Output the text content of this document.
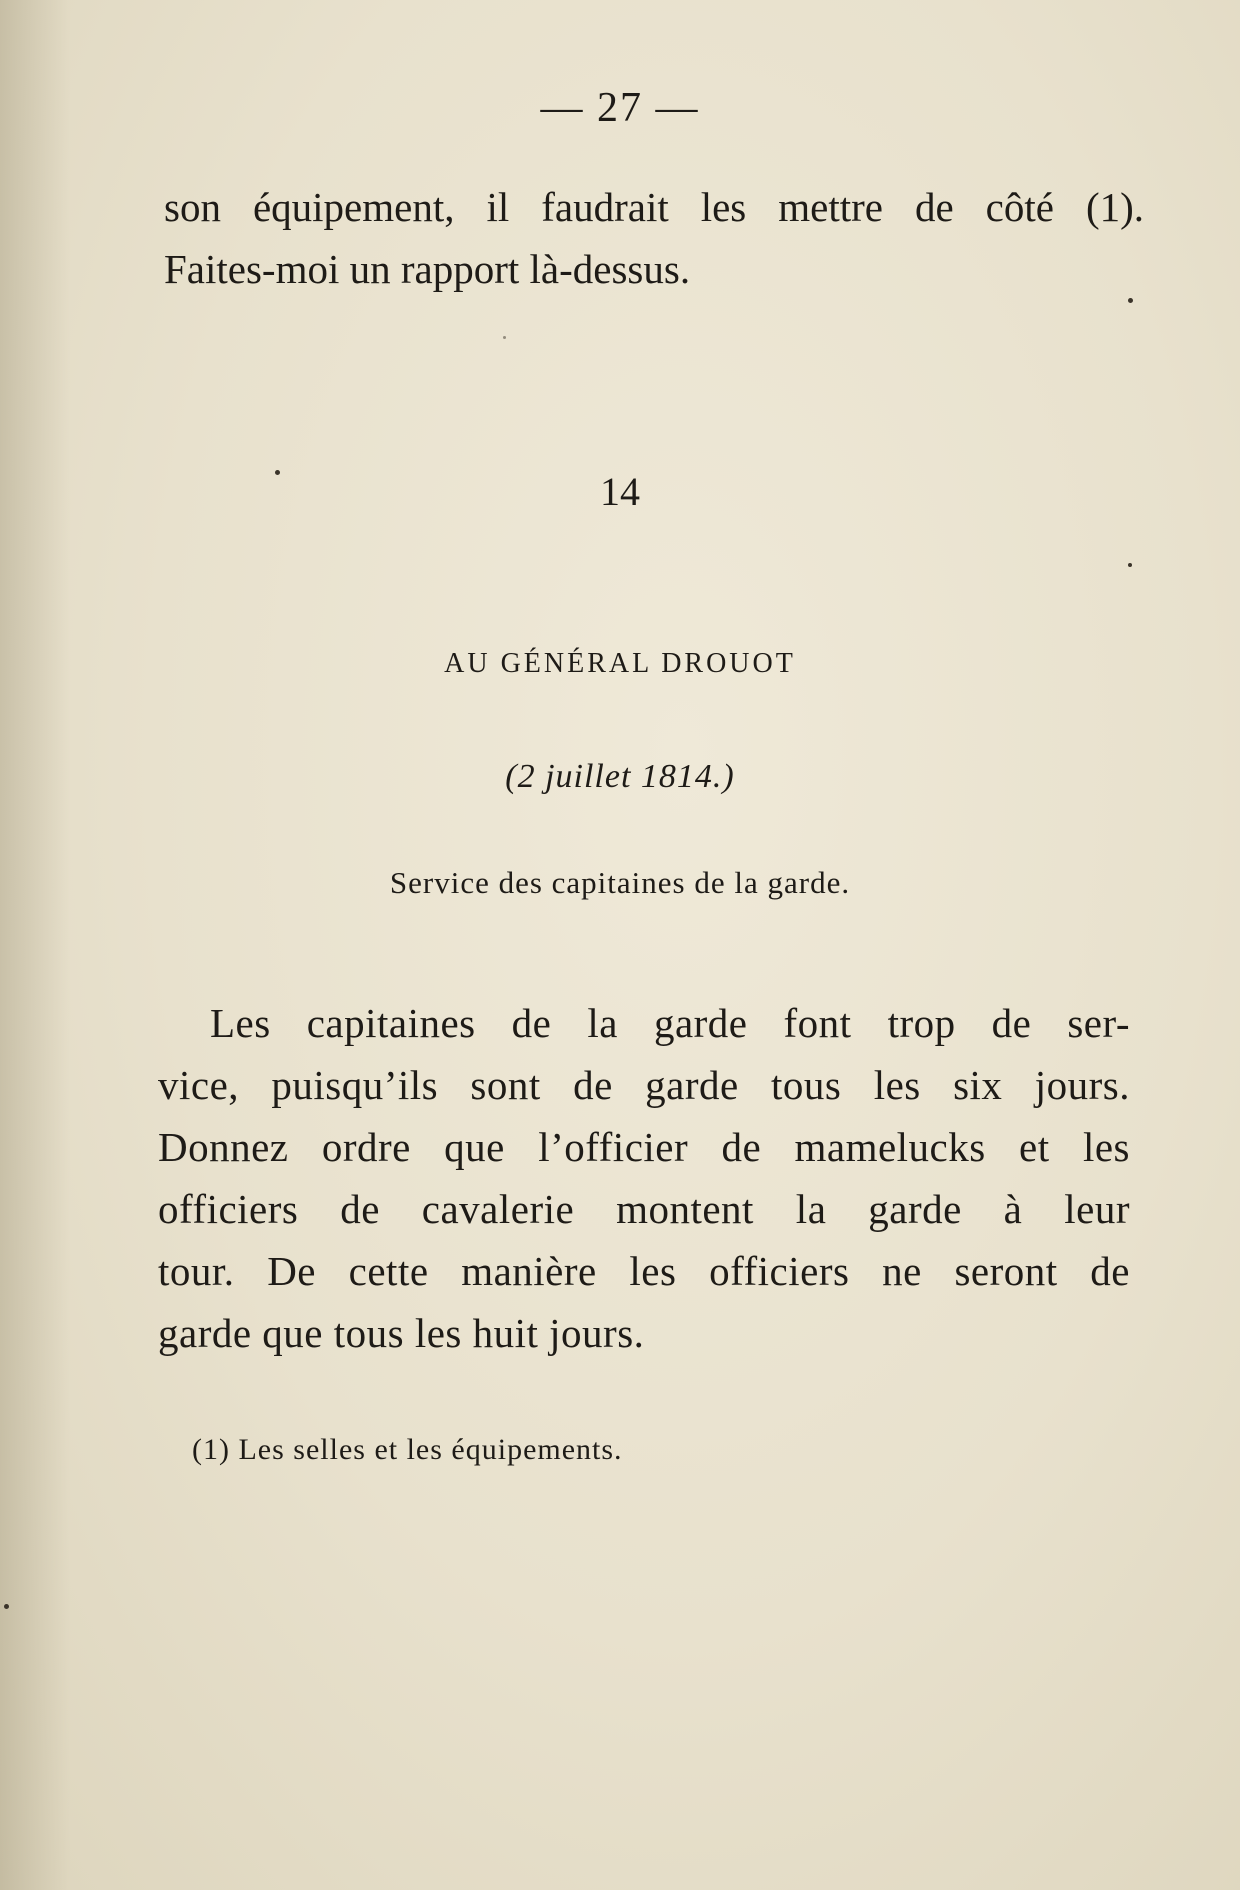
— 27 —
son équipement, il faudrait les mettre de côté (1).
Faites-moi un rapport là-dessus.
14
AU GÉNÉRAL DROUOT
(2 juillet 1814.)
Service des capitaines de la garde.
Les capitaines de la garde font trop de ser-
vice, puisqu’ils sont de garde tous les six jours.
Donnez ordre que l’officier de mamelucks et les
officiers de cavalerie montent la garde à leur
tour. De cette manière les officiers ne seront de
garde que tous les huit jours.
(1) Les selles et les équipements.
